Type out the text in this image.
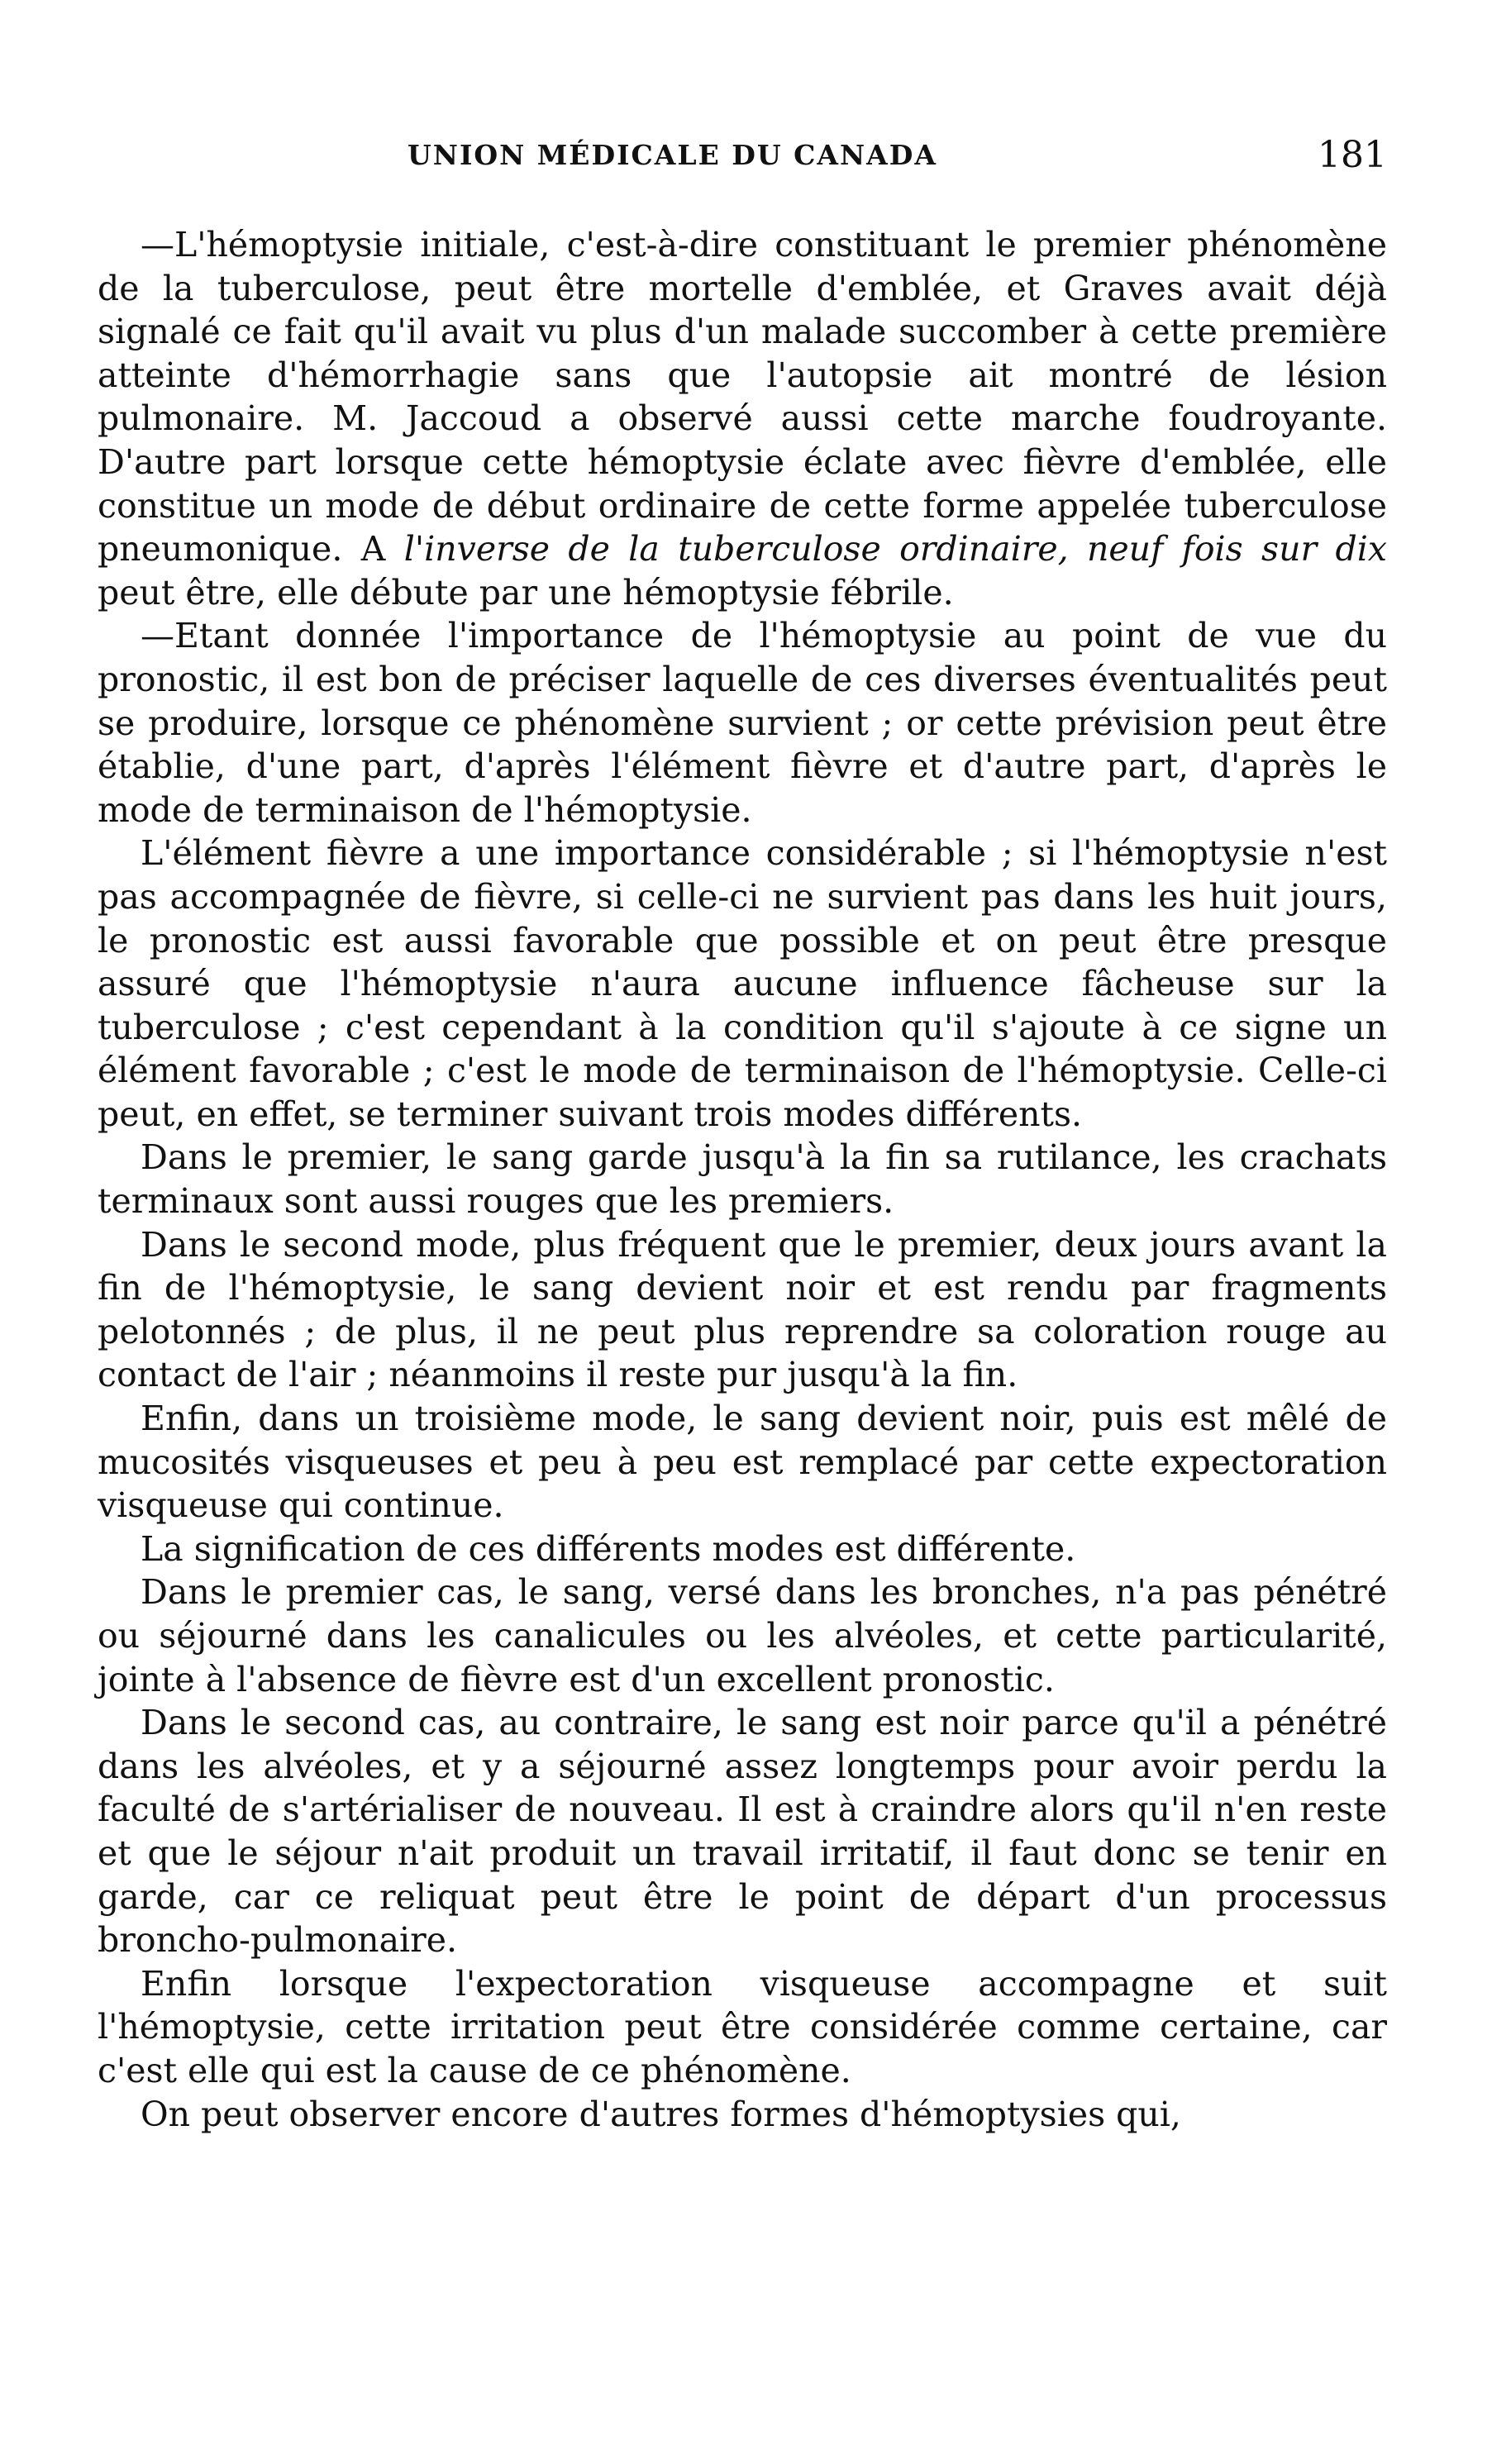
UNION MÉDICALE DU CANADA	181

—L'hémoptysie initiale, c'est-à-dire constituant le premier phénomène de la tuberculose, peut être mortelle d'emblée, et Graves avait déjà signalé ce fait qu'il avait vu plus d'un malade succomber à cette première atteinte d'hémorrhagie sans que l'autopsie ait montré de lésion pulmonaire. M. Jaccoud a observé aussi cette marche foudroyante. D'autre part lorsque cette hémoptysie éclate avec fièvre d'emblée, elle constitue un mode de début ordinaire de cette forme appelée tuberculose pneumonique. A l'inverse de la tuberculose ordinaire, neuf fois sur dix peut être, elle débute par une hémoptysie fébrile.

—Etant donnée l'importance de l'hémoptysie au point de vue du pronostic, il est bon de préciser laquelle de ces diverses éventualités peut se produire, lorsque ce phénomène survient ; or cette prévision peut être établie, d'une part, d'après l'élément fièvre et d'autre part, d'après le mode de terminaison de l'hémoptysie.

L'élément fièvre a une importance considérable ; si l'hémoptysie n'est pas accompagnée de fièvre, si celle-ci ne survient pas dans les huit jours, le pronostic est aussi favorable que possible et on peut être presque assuré que l'hémoptysie n'aura aucune influence fâcheuse sur la tuberculose ; c'est cependant à la condition qu'il s'ajoute à ce signe un élément favorable ; c'est le mode de terminaison de l'hémoptysie. Celle-ci peut, en effet, se terminer suivant trois modes différents.

Dans le premier, le sang garde jusqu'à la fin sa rutilance, les crachats terminaux sont aussi rouges que les premiers.

Dans le second mode, plus fréquent que le premier, deux jours avant la fin de l'hémoptysie, le sang devient noir et est rendu par fragments pelotonnés ; de plus, il ne peut plus reprendre sa coloration rouge au contact de l'air ; néanmoins il reste pur jusqu'à la fin.

Enfin, dans un troisième mode, le sang devient noir, puis est mêlé de mucosités visqueuses et peu à peu est remplacé par cette expectoration visqueuse qui continue.

La signification de ces différents modes est différente.

Dans le premier cas, le sang, versé dans les bronches, n'a pas pénétré ou séjourné dans les canalicules ou les alvéoles, et cette particularité, jointe à l'absence de fièvre est d'un excellent pronostic.

Dans le second cas, au contraire, le sang est noir parce qu'il a pénétré dans les alvéoles, et y a séjourné assez longtemps pour avoir perdu la faculté de s'artérialiser de nouveau. Il est à craindre alors qu'il n'en reste et que le séjour n'ait produit un travail irritatif, il faut donc se tenir en garde, car ce reliquat peut être le point de départ d'un processus broncho-pulmonaire.

Enfin lorsque l'expectoration visqueuse accompagne et suit l'hémoptysie, cette irritation peut être considérée comme certaine, car c'est elle qui est la cause de ce phénomène.

On peut observer encore d'autres formes d'hémoptysies qui,
